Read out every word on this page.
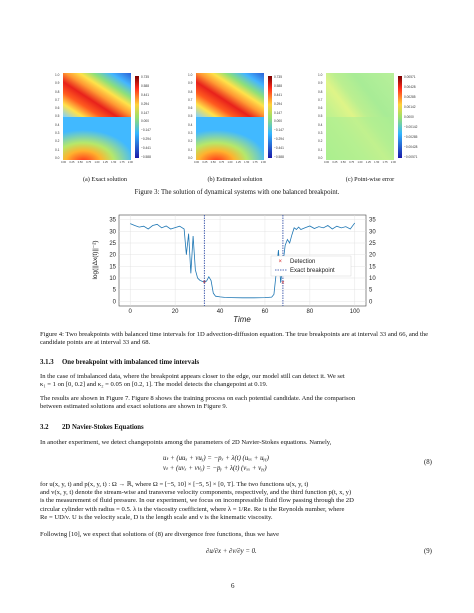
1.0
0.9
0.8
0.7
0.6
0.5
0.4
0.3
0.2
0.1
0.0
0.00 0.25 0.50 0.75 1.00 1.25 1.50 1.75 2.00
0.735
0.588
0.441
0.294
0.147
0.000
−0.147
−0.294
−0.441
−0.588
1.0
0.9
0.8
0.7
0.6
0.5
0.4
0.3
0.2
0.1
0.0
0.00 0.25 0.50 0.75 1.00 1.25 1.50 1.75 2.00
0.735
0.588
0.441
0.294
0.147
0.000
−0.147
−0.294
−0.441
−0.588
1.0
0.9
0.8
0.7
0.6
0.5
0.4
0.3
0.2
0.1
0.0
0.00 0.25 0.50 0.75 1.00 1.25 1.50 1.75 2.00
0.00571
0.00428
0.00285
0.00142
0.0000
−0.00142
−0.00285
−0.00428
−0.00571
(a) Exact solution	(b) Estimated solution	(c) Point-wise error
Figure 3: The solution of dynamical systems with one balanced breakpoint.
0
5
10
15
20
25
30
35
0
5
10
15
20
25
30
35
0	20	40	60	80	100
×	×
× Detection
Exact breakpoint
Time
log(||Δx(t)||⁻²)
Figure 4: Two breakpoints with balanced time intervals for 1D advection-diffusion equation. The true breakpoints are at interval 33 and 66, and the candidate points are at interval 33 and 68.
3.1.3 One breakpoint with imbalanced time intervals
In the case of imbalanced data, where the breakpoint appears closer to the edge, our model still can detect it. We set
κ₁ = 1 on [0, 0.2] and κ₂ = 0.05 on [0.2, 1]. The model detects the changepoint at 0.19.
The results are shown in Figure 7. Figure 8 shows the training process on each potential candidate. And the comparison
between estimated solutions and exact solutions are shown in Figure 9.
3.2 2D Navier-Stokes Equations
In another experiment, we detect changepoints among the parameters of 2D Navier-Stokes equations. Namely,
uₜ + (uuₓ + vuᵧ) = −pₓ + λ(t) (uₓₓ + uᵧᵧ)
vₜ + (uvₓ + vvᵧ) = −pᵧ + λ(t) (vₓₓ + vᵧᵧ)
(8)
for u(x, y, t) and p(x, y, t) : Ω → ℝ, where Ω = [−5, 10] × [−5, 5] × [0, T]. The two functions u(x, y, t)
and v(x, y, t) denote the stream-wise and transverse velocity components, respectively, and the third function p(t, x, y)
is the measurement of fluid pressure. In our experiment, we focus on incompressible fluid flow passing through the 2D
circular cylinder with radius = 0.5. λ is the viscosity coefficient, where λ = 1/Re. Re is the Reynolds number, where
Re = UD/ν. U is the velocity scale, D is the length scale and ν is the kinematic viscosity.
Following [10], we expect that solutions of (8) are divergence free functions, thus we have
∂u/∂x + ∂v/∂y = 0.	(9)
6
